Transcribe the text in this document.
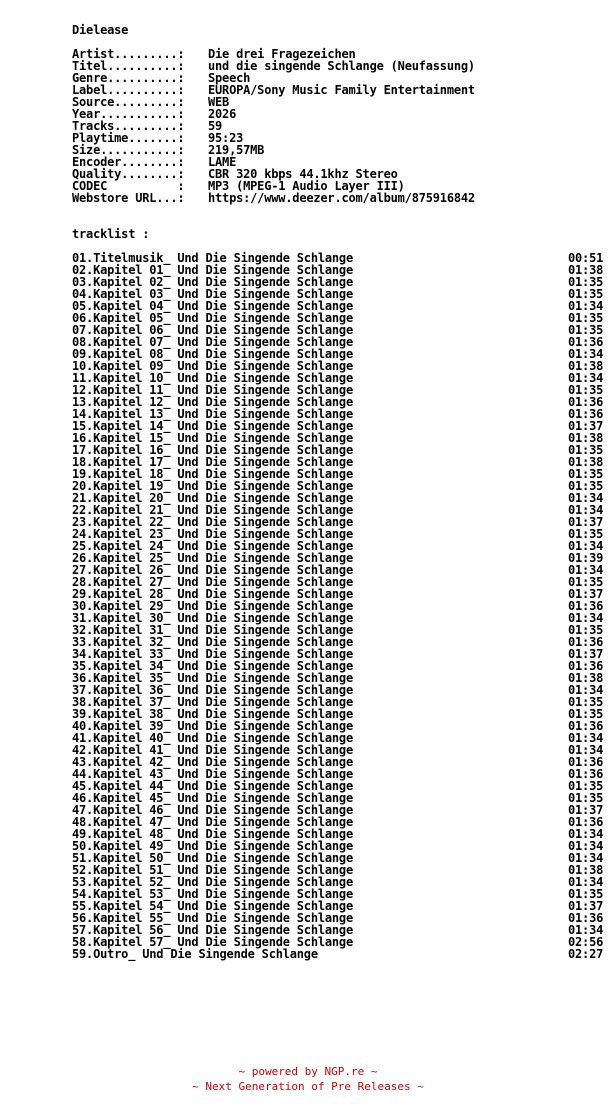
Dielease
Artist.........:	Die drei Fragezeichen
Titel..........:	und die singende Schlange (Neufassung)
Genre..........:	Speech
Label..........:	EUROPA/Sony Music Family Entertainment
Source.........:	WEB
Year...........:	2026
Tracks.........:	59
Playtime.......:	95:23
Size...........:	219,57MB
Encoder........:	LAME
Quality........:	CBR 320 kbps 44.1khz Stereo
CODEC          :	MP3 (MPEG-1 Audio Layer III)
Webstore URL...:	https://www.deezer.com/album/875916842
tracklist :
01.Titelmusik_ Und Die Singende Schlange	00:51
02.Kapitel 01_ Und Die Singende Schlange	01:38
03.Kapitel 02_ Und Die Singende Schlange	01:35
04.Kapitel 03_ Und Die Singende Schlange	01:35
05.Kapitel 04_ Und Die Singende Schlange	01:34
06.Kapitel 05_ Und Die Singende Schlange	01:35
07.Kapitel 06_ Und Die Singende Schlange	01:35
08.Kapitel 07_ Und Die Singende Schlange	01:36
09.Kapitel 08_ Und Die Singende Schlange	01:34
10.Kapitel 09_ Und Die Singende Schlange	01:38
11.Kapitel 10_ Und Die Singende Schlange	01:34
12.Kapitel 11_ Und Die Singende Schlange	01:35
13.Kapitel 12_ Und Die Singende Schlange	01:36
14.Kapitel 13_ Und Die Singende Schlange	01:36
15.Kapitel 14_ Und Die Singende Schlange	01:37
16.Kapitel 15_ Und Die Singende Schlange	01:38
17.Kapitel 16_ Und Die Singende Schlange	01:35
18.Kapitel 17_ Und Die Singende Schlange	01:38
19.Kapitel 18_ Und Die Singende Schlange	01:35
20.Kapitel 19_ Und Die Singende Schlange	01:35
21.Kapitel 20_ Und Die Singende Schlange	01:34
22.Kapitel 21_ Und Die Singende Schlange	01:34
23.Kapitel 22_ Und Die Singende Schlange	01:37
24.Kapitel 23_ Und Die Singende Schlange	01:35
25.Kapitel 24_ Und Die Singende Schlange	01:34
26.Kapitel 25_ Und Die Singende Schlange	01:39
27.Kapitel 26_ Und Die Singende Schlange	01:34
28.Kapitel 27_ Und Die Singende Schlange	01:35
29.Kapitel 28_ Und Die Singende Schlange	01:37
30.Kapitel 29_ Und Die Singende Schlange	01:36
31.Kapitel 30_ Und Die Singende Schlange	01:34
32.Kapitel 31_ Und Die Singende Schlange	01:35
33.Kapitel 32_ Und Die Singende Schlange	01:36
34.Kapitel 33_ Und Die Singende Schlange	01:37
35.Kapitel 34_ Und Die Singende Schlange	01:36
36.Kapitel 35_ Und Die Singende Schlange	01:38
37.Kapitel 36_ Und Die Singende Schlange	01:34
38.Kapitel 37_ Und Die Singende Schlange	01:35
39.Kapitel 38_ Und Die Singende Schlange	01:35
40.Kapitel 39_ Und Die Singende Schlange	01:36
41.Kapitel 40_ Und Die Singende Schlange	01:34
42.Kapitel 41_ Und Die Singende Schlange	01:34
43.Kapitel 42_ Und Die Singende Schlange	01:36
44.Kapitel 43_ Und Die Singende Schlange	01:36
45.Kapitel 44_ Und Die Singende Schlange	01:35
46.Kapitel 45_ Und Die Singende Schlange	01:35
47.Kapitel 46_ Und Die Singende Schlange	01:37
48.Kapitel 47_ Und Die Singende Schlange	01:36
49.Kapitel 48_ Und Die Singende Schlange	01:34
50.Kapitel 49_ Und Die Singende Schlange	01:34
51.Kapitel 50_ Und Die Singende Schlange	01:34
52.Kapitel 51_ Und Die Singende Schlange	01:38
53.Kapitel 52_ Und Die Singende Schlange	01:34
54.Kapitel 53_ Und Die Singende Schlange	01:35
55.Kapitel 54_ Und Die Singende Schlange	01:37
56.Kapitel 55_ Und Die Singende Schlange	01:36
57.Kapitel 56_ Und Die Singende Schlange	01:34
58.Kapitel 57_ Und Die Singende Schlange	02:56
59.Outro_ Und Die Singende Schlange	02:27
~ powered by NGP.re ~
~ Next Generation of Pre Releases ~
